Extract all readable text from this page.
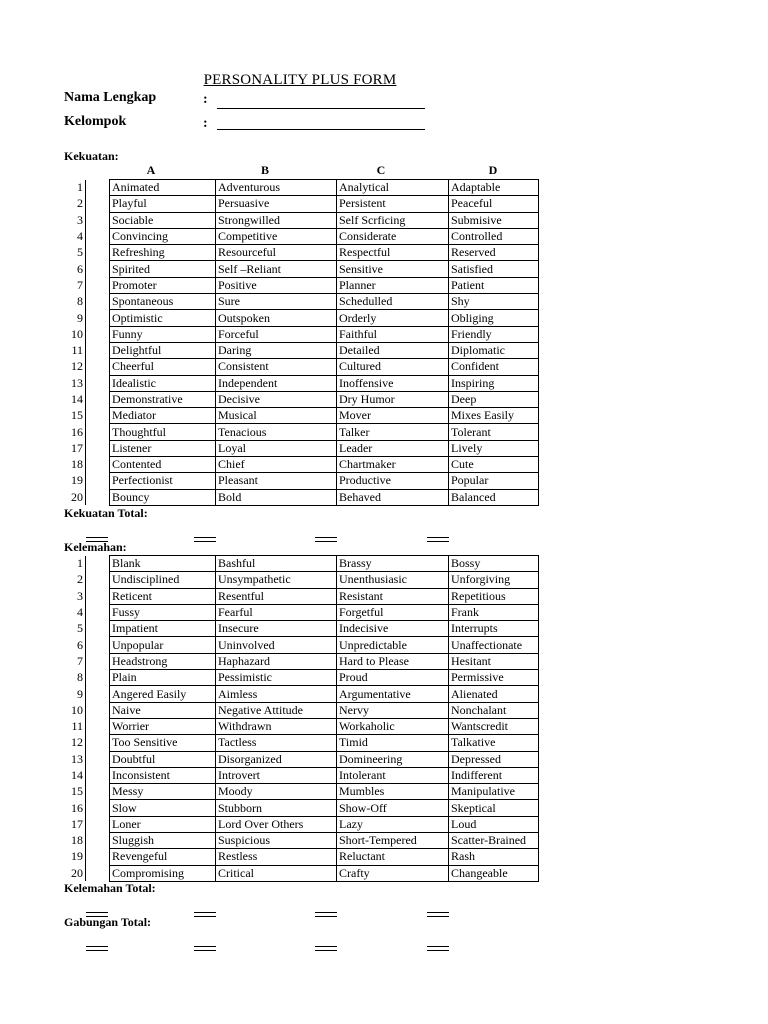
PERSONALITY PLUS FORM
Nama Lengkap	:
Kelompok	:
Kekuatan:
A	B	C	D
1		Animated	Adventurous	Analytical	Adaptable
2		Playful	Persuasive	Persistent	Peaceful
3		Sociable	Strongwilled	Self Scrficing	Submisive
4		Convincing	Competitive	Considerate	Controlled
5		Refreshing	Resourceful	Respectful	Reserved
6		Spirited	Self –Reliant	Sensitive	Satisfied
7		Promoter	Positive	Planner	Patient
8		Spontaneous	Sure	Schedulled	Shy
9		Optimistic	Outspoken	Orderly	Obliging
10		Funny	Forceful	Faithful	Friendly
11		Delightful	Daring	Detailed	Diplomatic
12		Cheerful	Consistent	Cultured	Confident
13		Idealistic	Independent	Inoffensive	Inspiring
14		Demonstrative	Decisive	Dry Humor	Deep
15		Mediator	Musical	Mover	Mixes Easily
16		Thoughtful	Tenacious	Talker	Tolerant
17		Listener	Loyal	Leader	Lively
18		Contented	Chief	Chartmaker	Cute
19		Perfectionist	Pleasant	Productive	Popular
20		Bouncy	Bold	Behaved	Balanced
Kekuatan Total:
Kelemahan:
1		Blank	Bashful	Brassy	Bossy
2		Undisciplined	Unsympathetic	Unenthusiasic	Unforgiving
3		Reticent	Resentful	Resistant	Repetitious
4		Fussy	Fearful	Forgetful	Frank
5		Impatient	Insecure	Indecisive	Interrupts
6		Unpopular	Uninvolved	Unpredictable	Unaffectionate
7		Headstrong	Haphazard	Hard to Please	Hesitant
8		Plain	Pessimistic	Proud	Permissive
9		Angered Easily	Aimless	Argumentative	Alienated
10		Naive	Negative Attitude	Nervy	Nonchalant
11		Worrier	Withdrawn	Workaholic	Wantscredit
12		Too Sensitive	Tactless	Timid	Talkative
13		Doubtful	Disorganized	Domineering	Depressed
14		Inconsistent	Introvert	Intolerant	Indifferent
15		Messy	Moody	Mumbles	Manipulative
16		Slow	Stubborn	Show-Off	Skeptical
17		Loner	Lord Over Others	Lazy	Loud
18		Sluggish	Suspicious	Short-Tempered	Scatter-Brained
19		Revengeful	Restless	Reluctant	Rash
20		Compromising	Critical	Crafty	Changeable
Kelemahan Total:
Gabungan Total:
